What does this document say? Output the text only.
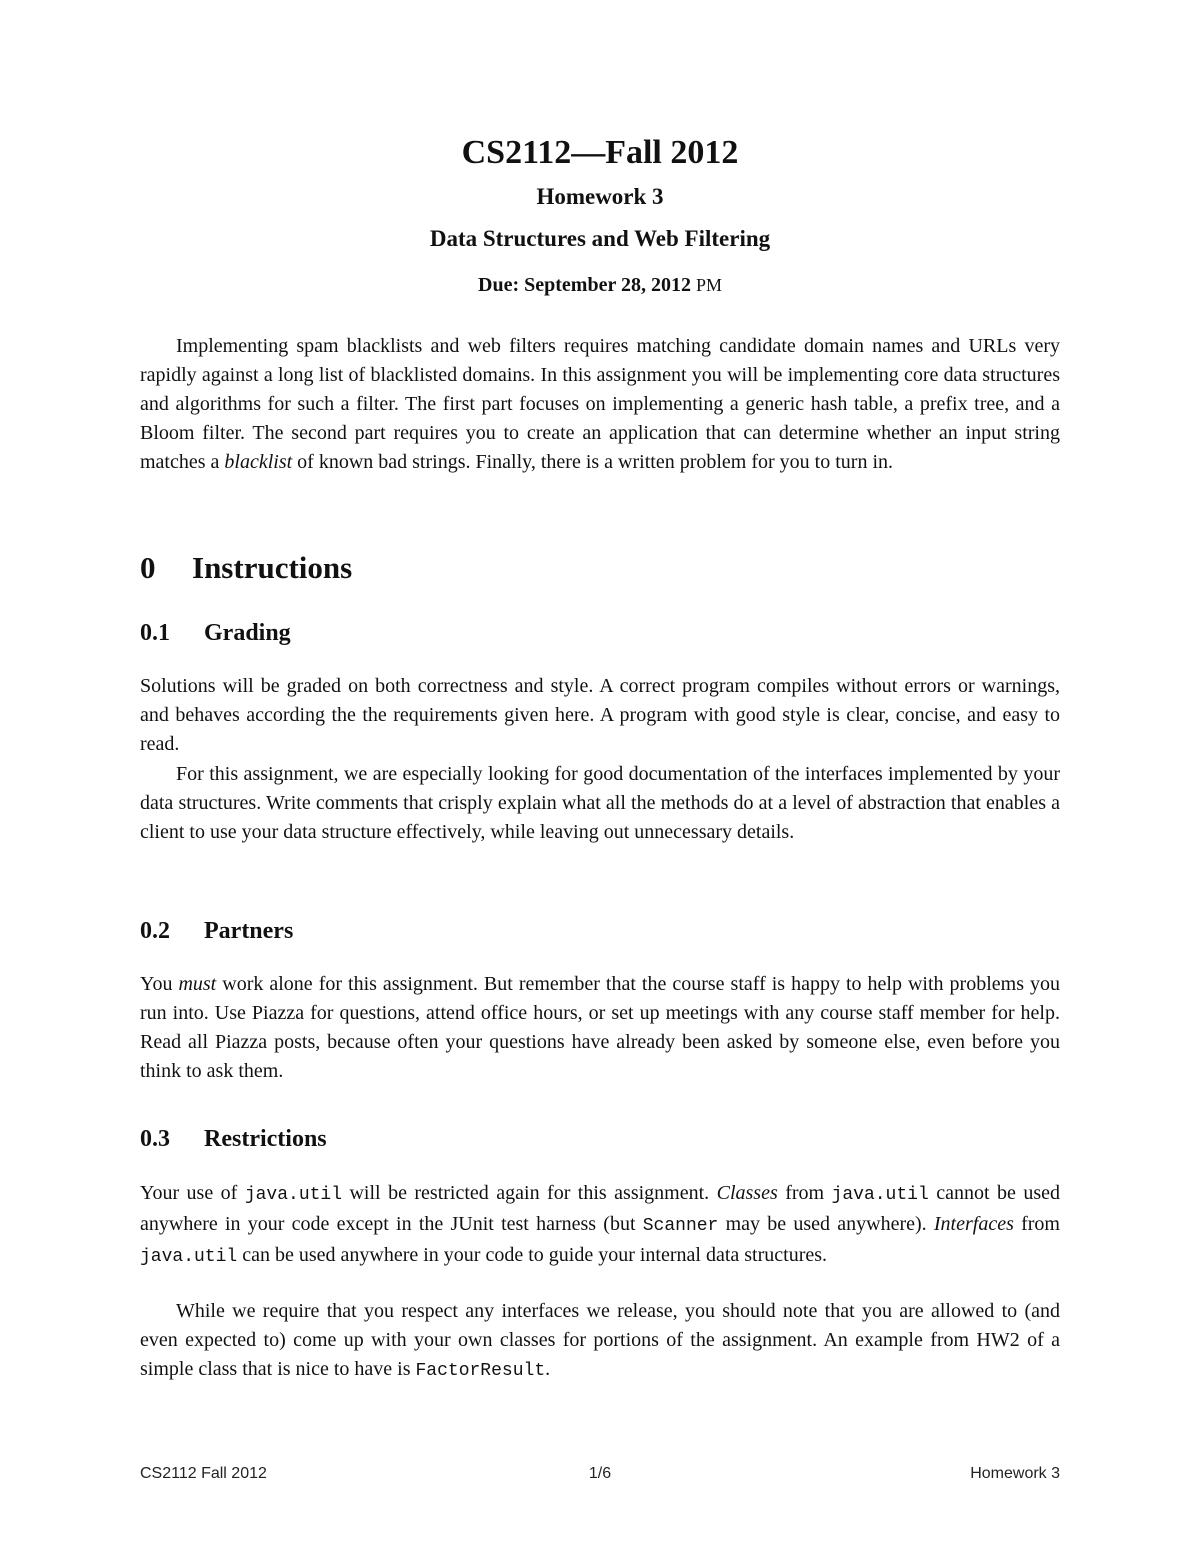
CS2112—Fall 2012
Homework 3
Data Structures and Web Filtering

Due: September 28, 2012 PM

Implementing spam blacklists and web filters requires matching candidate domain names and URLs very rapidly against a long list of blacklisted domains. In this assignment you will be implementing core data structures and algorithms for such a filter. The first part focuses on implementing a generic hash table, a prefix tree, and a Bloom filter. The second part requires you to create an application that can determine whether an input string matches a blacklist of known bad strings. Finally, there is a written problem for you to turn in.

0 Instructions
0.1 Grading

Solutions will be graded on both correctness and style. A correct program compiles without errors or warnings, and behaves according the the requirements given here. A program with good style is clear, concise, and easy to read.

For this assignment, we are especially looking for good documentation of the interfaces implemented by your data structures. Write comments that crisply explain what all the methods do at a level of abstraction that enables a client to use your data structure effectively, while leaving out unnecessary details.

0.2 Partners

You must work alone for this assignment. But remember that the course staff is happy to help with problems you run into. Use Piazza for questions, attend office hours, or set up meetings with any course staff member for help. Read all Piazza posts, because often your questions have already been asked by someone else, even before you think to ask them.

0.3 Restrictions

Your use of java.util will be restricted again for this assignment. Classes from java.util cannot be used anywhere in your code except in the JUnit test harness (but Scanner may be used anywhere). Interfaces from java.util can be used anywhere in your code to guide your internal data structures.

While we require that you respect any interfaces we release, you should note that you are allowed to (and even expected to) come up with your own classes for portions of the assignment. An example from HW2 of a simple class that is nice to have is FactorResult.

CS2112 Fall 2012	1/6	Homework 3
